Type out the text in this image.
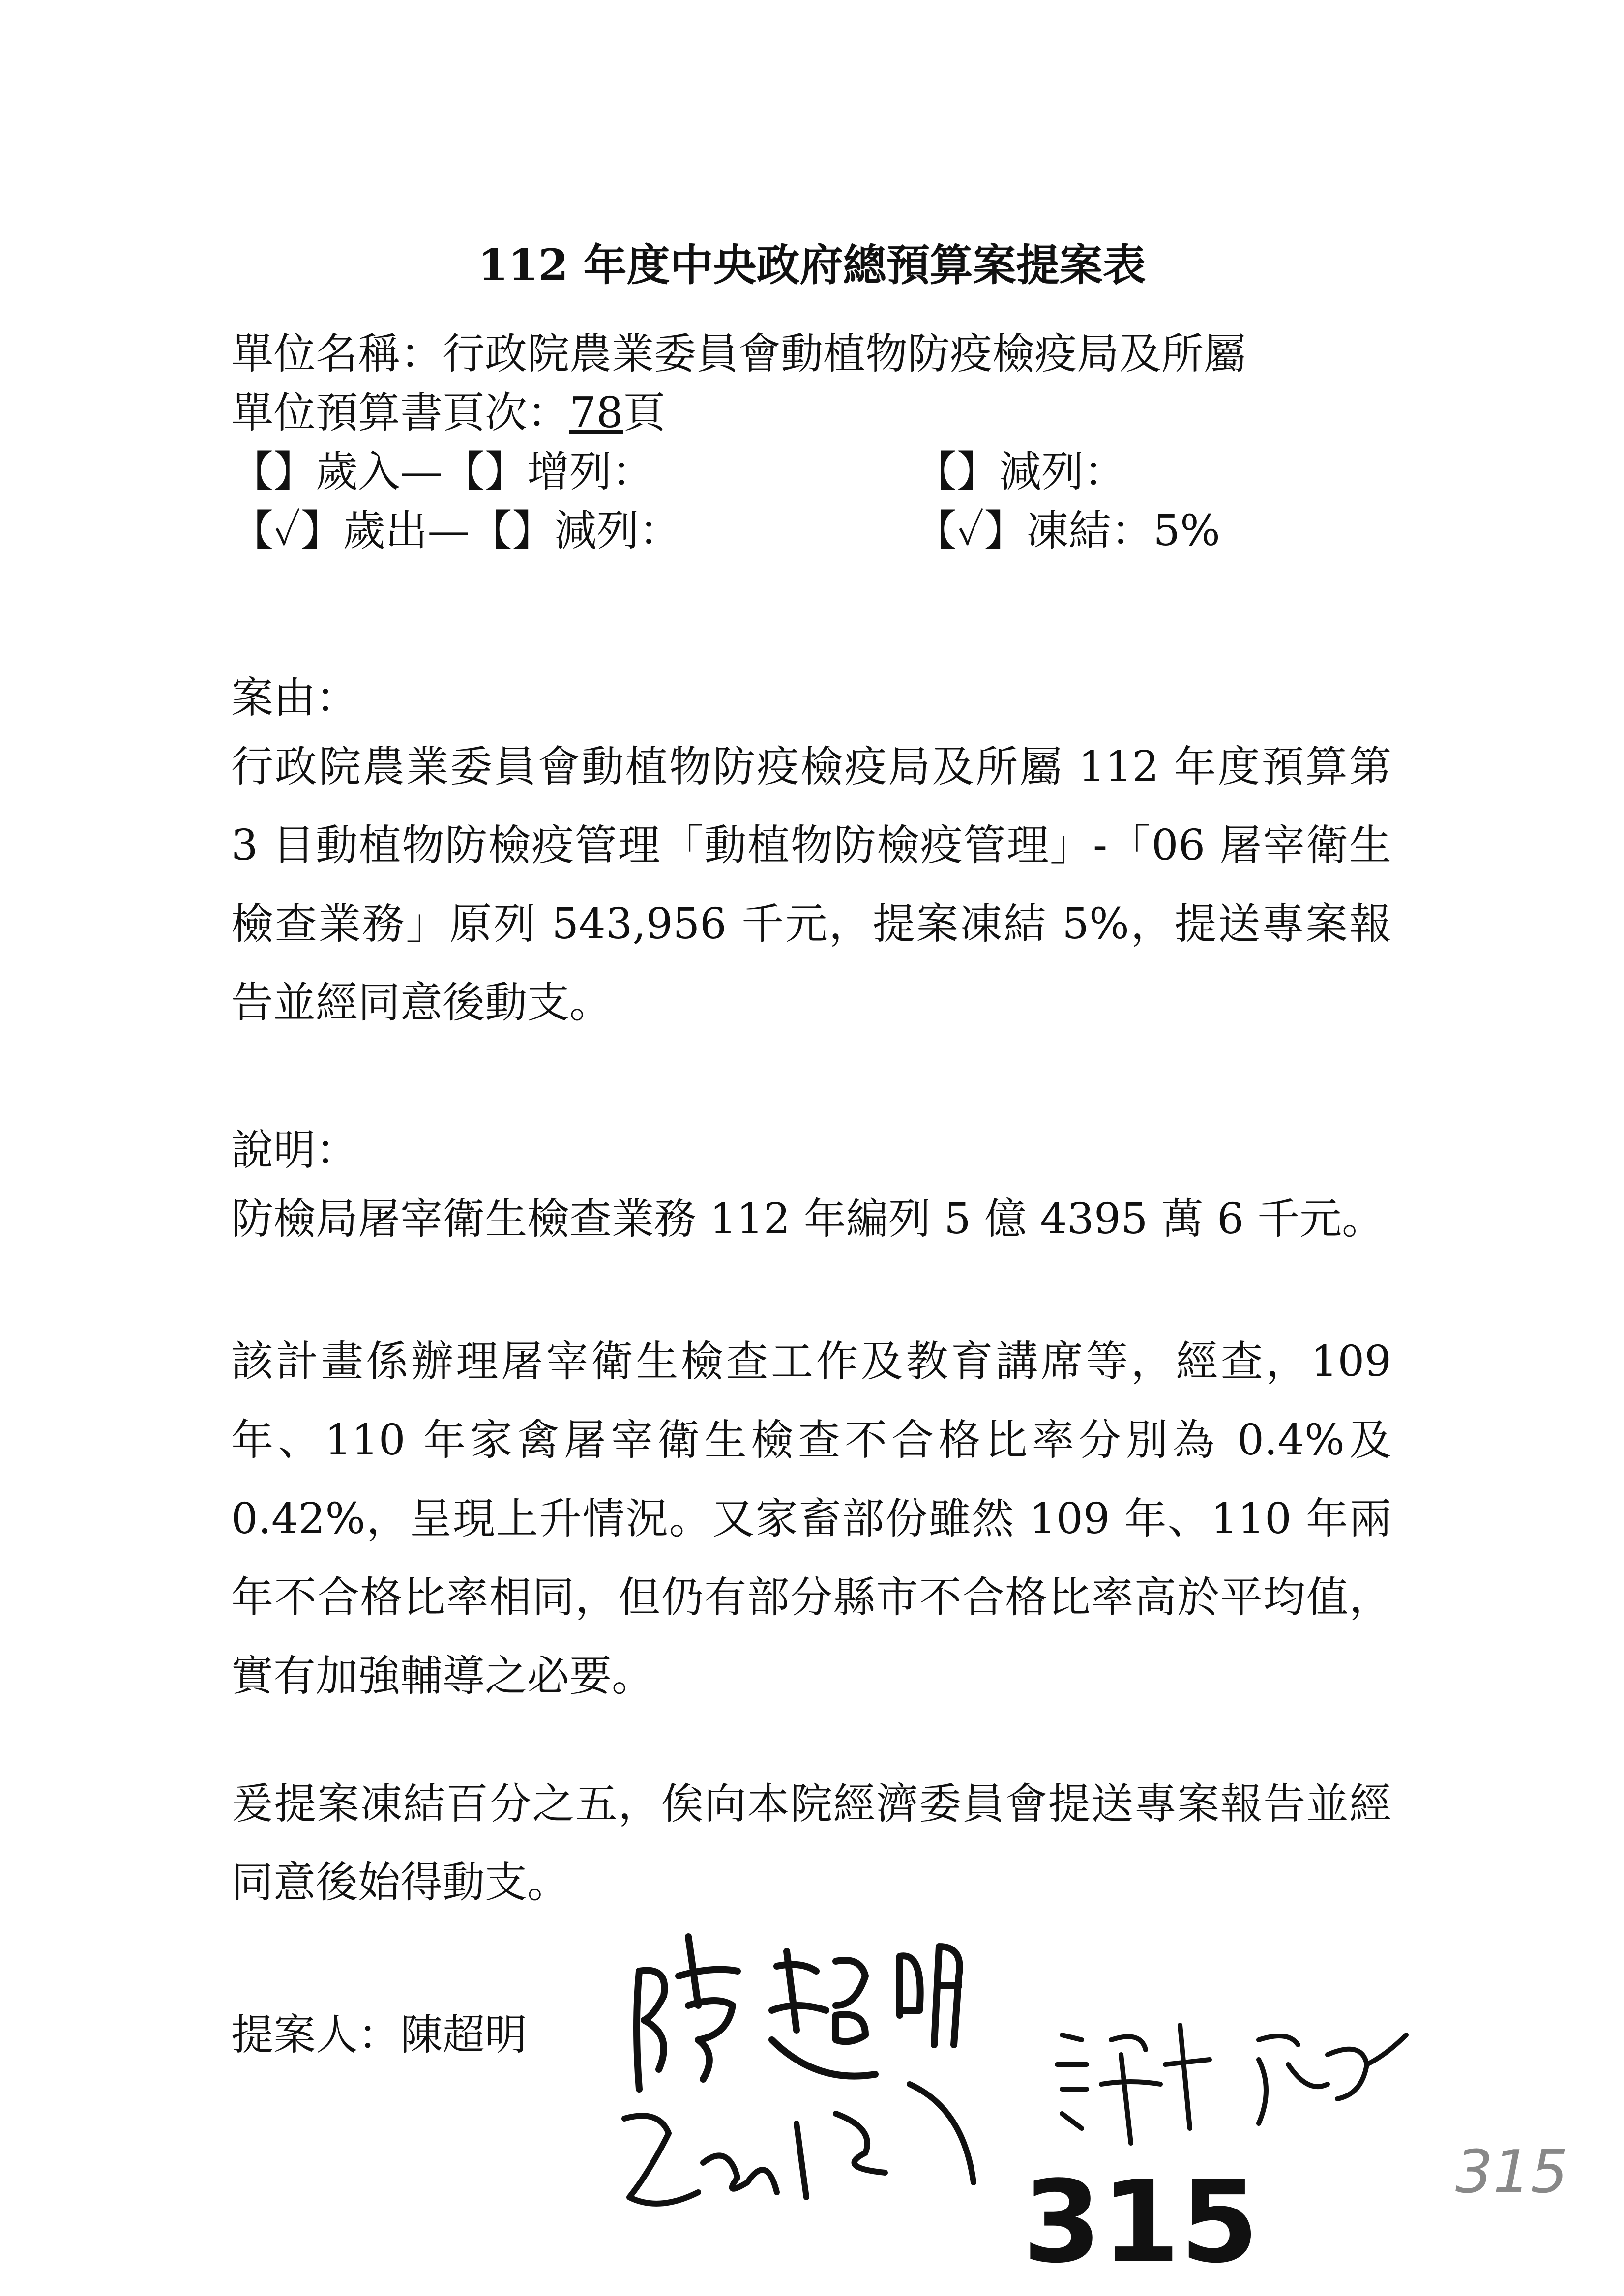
112 年度中央政府總預算案提案表
單位名稱：行政院農業委員會動植物防疫檢疫局及所屬
單位預算書頁次：78頁
【】歲入—【】增列：	【】減列：
【✓】歲出—【】減列：	【✓】凍結：5%
案由：
行政院農業委員會動植物防疫檢疫局及所屬 112 年度預算第 3 目動植物防檢疫管理「動植物防檢疫管理」-「06 屠宰衛生檢查業務」原列 543,956 千元，提案凍結 5%，提送專案報告並經同意後動支。
說明：
防檢局屠宰衛生檢查業務 112 年編列 5 億 4395 萬 6 千元。
該計畫係辦理屠宰衛生檢查工作及教育講席等，經查，109 年、110 年家禽屠宰衛生檢查不合格比率分別為 0.4%及 0.42%，呈現上升情況。又家畜部份雖然 109 年、110 年兩年不合格比率相同，但仍有部分縣市不合格比率高於平均值，實有加強輔導之必要。
爰提案凍結百分之五，俟向本院經濟委員會提送專案報告並經同意後始得動支。
提案人：陳超明
315	315
